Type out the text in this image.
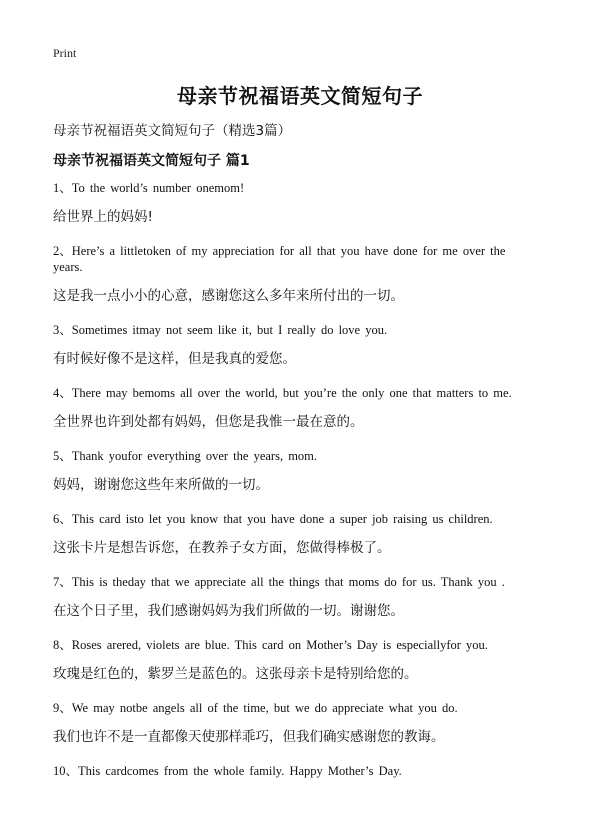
Print
母亲节祝福语英文简短句子
母亲节祝福语英文简短句子（精选3篇）
母亲节祝福语英文简短句子 篇1
1、To the world’s number onemom!
给世界上的妈妈!
2、Here’s a littletoken of my appreciation for all that you have done for me over the years.
这是我一点小小的心意，感谢您这么多年来所付出的一切。
3、Sometimes itmay not seem like it, but I really do love you.
有时候好像不是这样，但是我真的爱您。
4、There may bemoms all over the world, but you’re the only one that matters to me.
全世界也许到处都有妈妈，但您是我惟一最在意的。
5、Thank youfor everything over the years, mom.
妈妈，谢谢您这些年来所做的一切。
6、This card isto let you know that you have done a super job raising us children.
这张卡片是想告诉您，在教养子女方面，您做得棒极了。
7、This is theday that we appreciate all the things that moms do for us. Thank you .
在这个日子里，我们感谢妈妈为我们所做的一切。谢谢您。
8、Roses arered, violets are blue. This card on Mother’s Day is especiallyfor you.
玫瑰是红色的，紫罗兰是蓝色的。这张母亲卡是特别给您的。
9、We may notbe angels all of the time, but we do appreciate what you do.
我们也许不是一直都像天使那样乖巧，但我们确实感谢您的教诲。
10、This cardcomes from the whole family. Happy Mother’s Day.
